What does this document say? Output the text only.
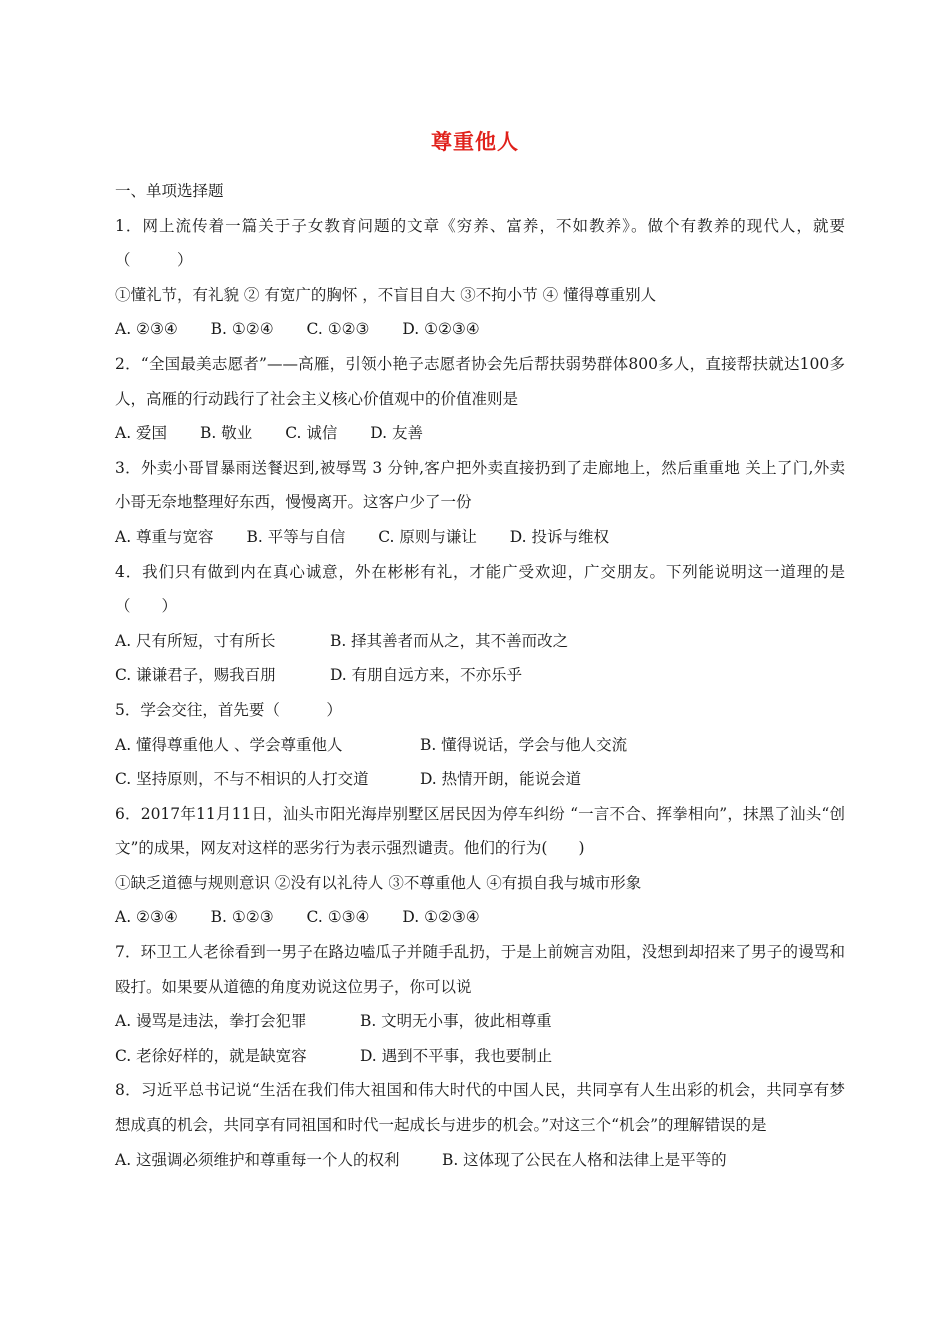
尊重他人
一、单项选择题
1．网上流传着一篇关于子女教育问题的文章《穷养、富养，不如教养》。做个有教养的现代人，就要（　　　）
①懂礼节，有礼貌 ② 有宽广的胸怀 ，不盲目自大 ③不拘小节 ④ 懂得尊重别人
A. ②③④ B. ①②④ C. ①②③ D. ①②③④
2．“全国最美志愿者”——高雁，引领小艳子志愿者协会先后帮扶弱势群体800多人，直接帮扶就达100多人，高雁的行动践行了社会主义核心价值观中的价值准则是
A. 爱国 B. 敬业 C. 诚信 D. 友善
3．外卖小哥冒暴雨送餐迟到,被辱骂 3 分钟,客户把外卖直接扔到了走廊地上，然后重重地 关上了门,外卖小哥无奈地整理好东西，慢慢离开。这客户少了一份
A. 尊重与宽容 B. 平等与自信 C. 原则与谦让 D. 投诉与维权
4．我们只有做到内在真心诚意，外在彬彬有礼，才能广受欢迎，广交朋友。下列能说明这一道理的是（　　）
A. 尺有所短，寸有所长	B. 择其善者而从之，其不善而改之
C. 谦谦君子，赐我百朋	D. 有朋自远方来，不亦乐乎
5．学会交往，首先要（　　　）
A. 懂得尊重他人 、学会尊重他人	B. 懂得说话，学会与他人交流
C. 坚持原则，不与不相识的人打交道	D. 热情开朗，能说会道
6．2017年11月11日，汕头市阳光海岸别墅区居民因为停车纠纷 “一言不合、挥拳相向”，抹黑了汕头“创文”的成果，网友对这样的恶劣行为表示强烈谴责。他们的行为(　　)
①缺乏道德与规则意识 ②没有以礼待人 ③不尊重他人 ④有损自我与城市形象
A. ②③④ B. ①②③ C. ①③④ D. ①②③④
7．环卫工人老徐看到一男子在路边嗑瓜子并随手乱扔，于是上前婉言劝阻，没想到却招来了男子的谩骂和殴打。如果要从道德的角度劝说这位男子，你可以说
A. 谩骂是违法，拳打会犯罪	B. 文明无小事，彼此相尊重
C. 老徐好样的，就是缺宽容	D. 遇到不平事，我也要制止
8．习近平总书记说“生活在我们伟大祖国和伟大时代的中国人民，共同享有人生出彩的机会，共同享有梦想成真的机会，共同享有同祖国和时代一起成长与进步的机会。”对这三个“机会”的理解错误的是
A. 这强调必须维护和尊重每一个人的权利	B. 这体现了公民在人格和法律上是平等的
